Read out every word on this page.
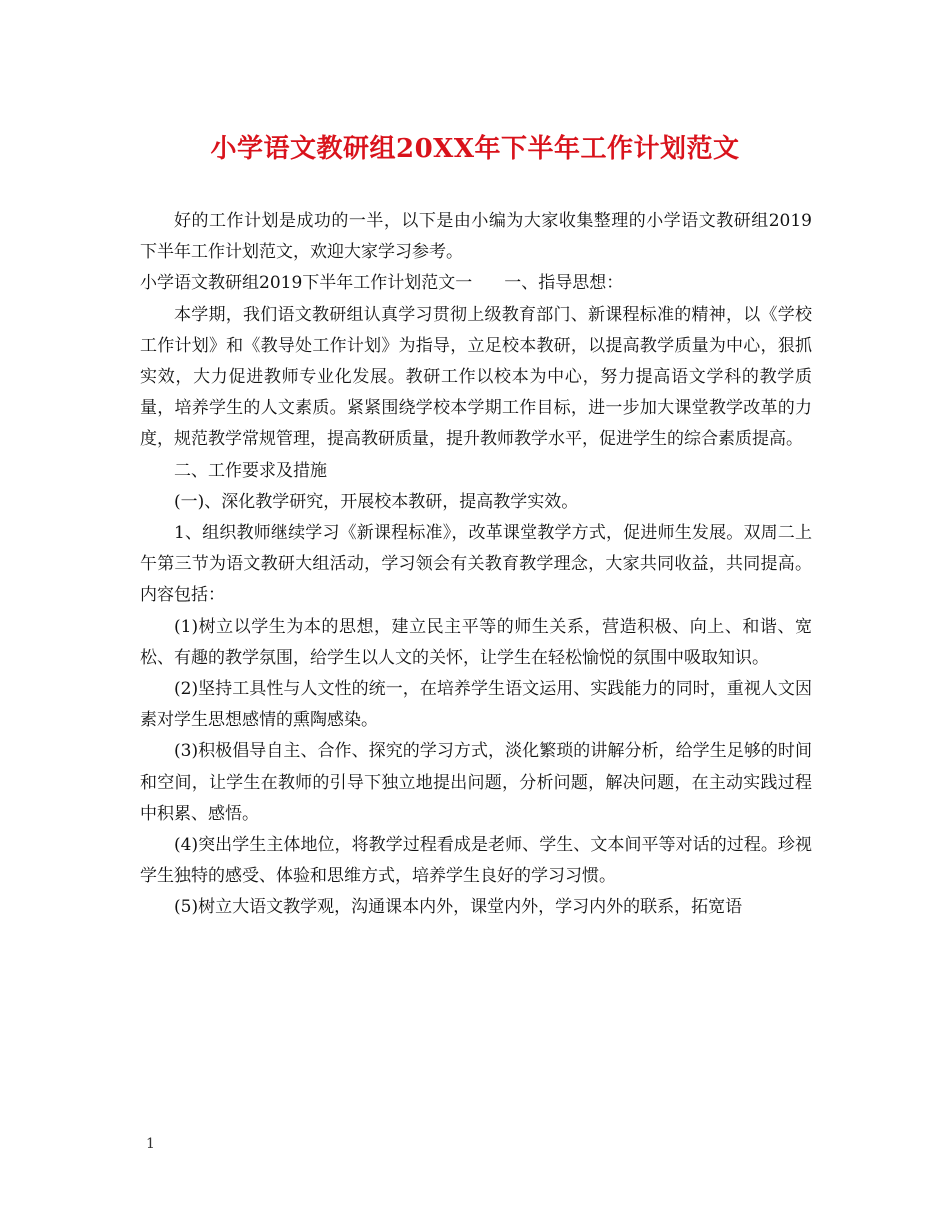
小学语文教研组20XX年下半年工作计划范文

好的工作计划是成功的一半，以下是由小编为大家收集整理的小学语文教研组2019下半年工作计划范文，欢迎大家学习参考。

小学语文教研组2019下半年工作计划范文一 一、指导思想：

本学期，我们语文教研组认真学习贯彻上级教育部门、新课程标准的精神，以《学校工作计划》和《教导处工作计划》为指导，立足校本教研，以提高教学质量为中心，狠抓实效，大力促进教师专业化发展。教研工作以校本为中心，努力提高语文学科的教学质量，培养学生的人文素质。紧紧围绕学校本学期工作目标，进一步加大课堂教学改革的力度，规范教学常规管理，提高教研质量，提升教师教学水平，促进学生的综合素质提高。

二、工作要求及措施

(一)、深化教学研究，开展校本教研，提高教学实效。

1、组织教师继续学习《新课程标准》，改革课堂教学方式，促进师生发展。双周二上午第三节为语文教研大组活动，学习领会有关教育教学理念，大家共同收益，共同提高。内容包括：

(1)树立以学生为本的思想，建立民主平等的师生关系，营造积极、向上、和谐、宽松、有趣的教学氛围，给学生以人文的关怀，让学生在轻松愉悦的氛围中吸取知识。

(2)坚持工具性与人文性的统一，在培养学生语文运用、实践能力的同时，重视人文因素对学生思想感情的熏陶感染。

(3)积极倡导自主、合作、探究的学习方式，淡化繁琐的讲解分析，给学生足够的时间和空间，让学生在教师的引导下独立地提出问题，分析问题，解决问题，在主动实践过程中积累、感悟。

(4)突出学生主体地位，将教学过程看成是老师、学生、文本间平等对话的过程。珍视学生独特的感受、体验和思维方式，培养学生良好的学习习惯。

(5)树立大语文教学观，沟通课本内外，课堂内外，学习内外的联系，拓宽语

1
